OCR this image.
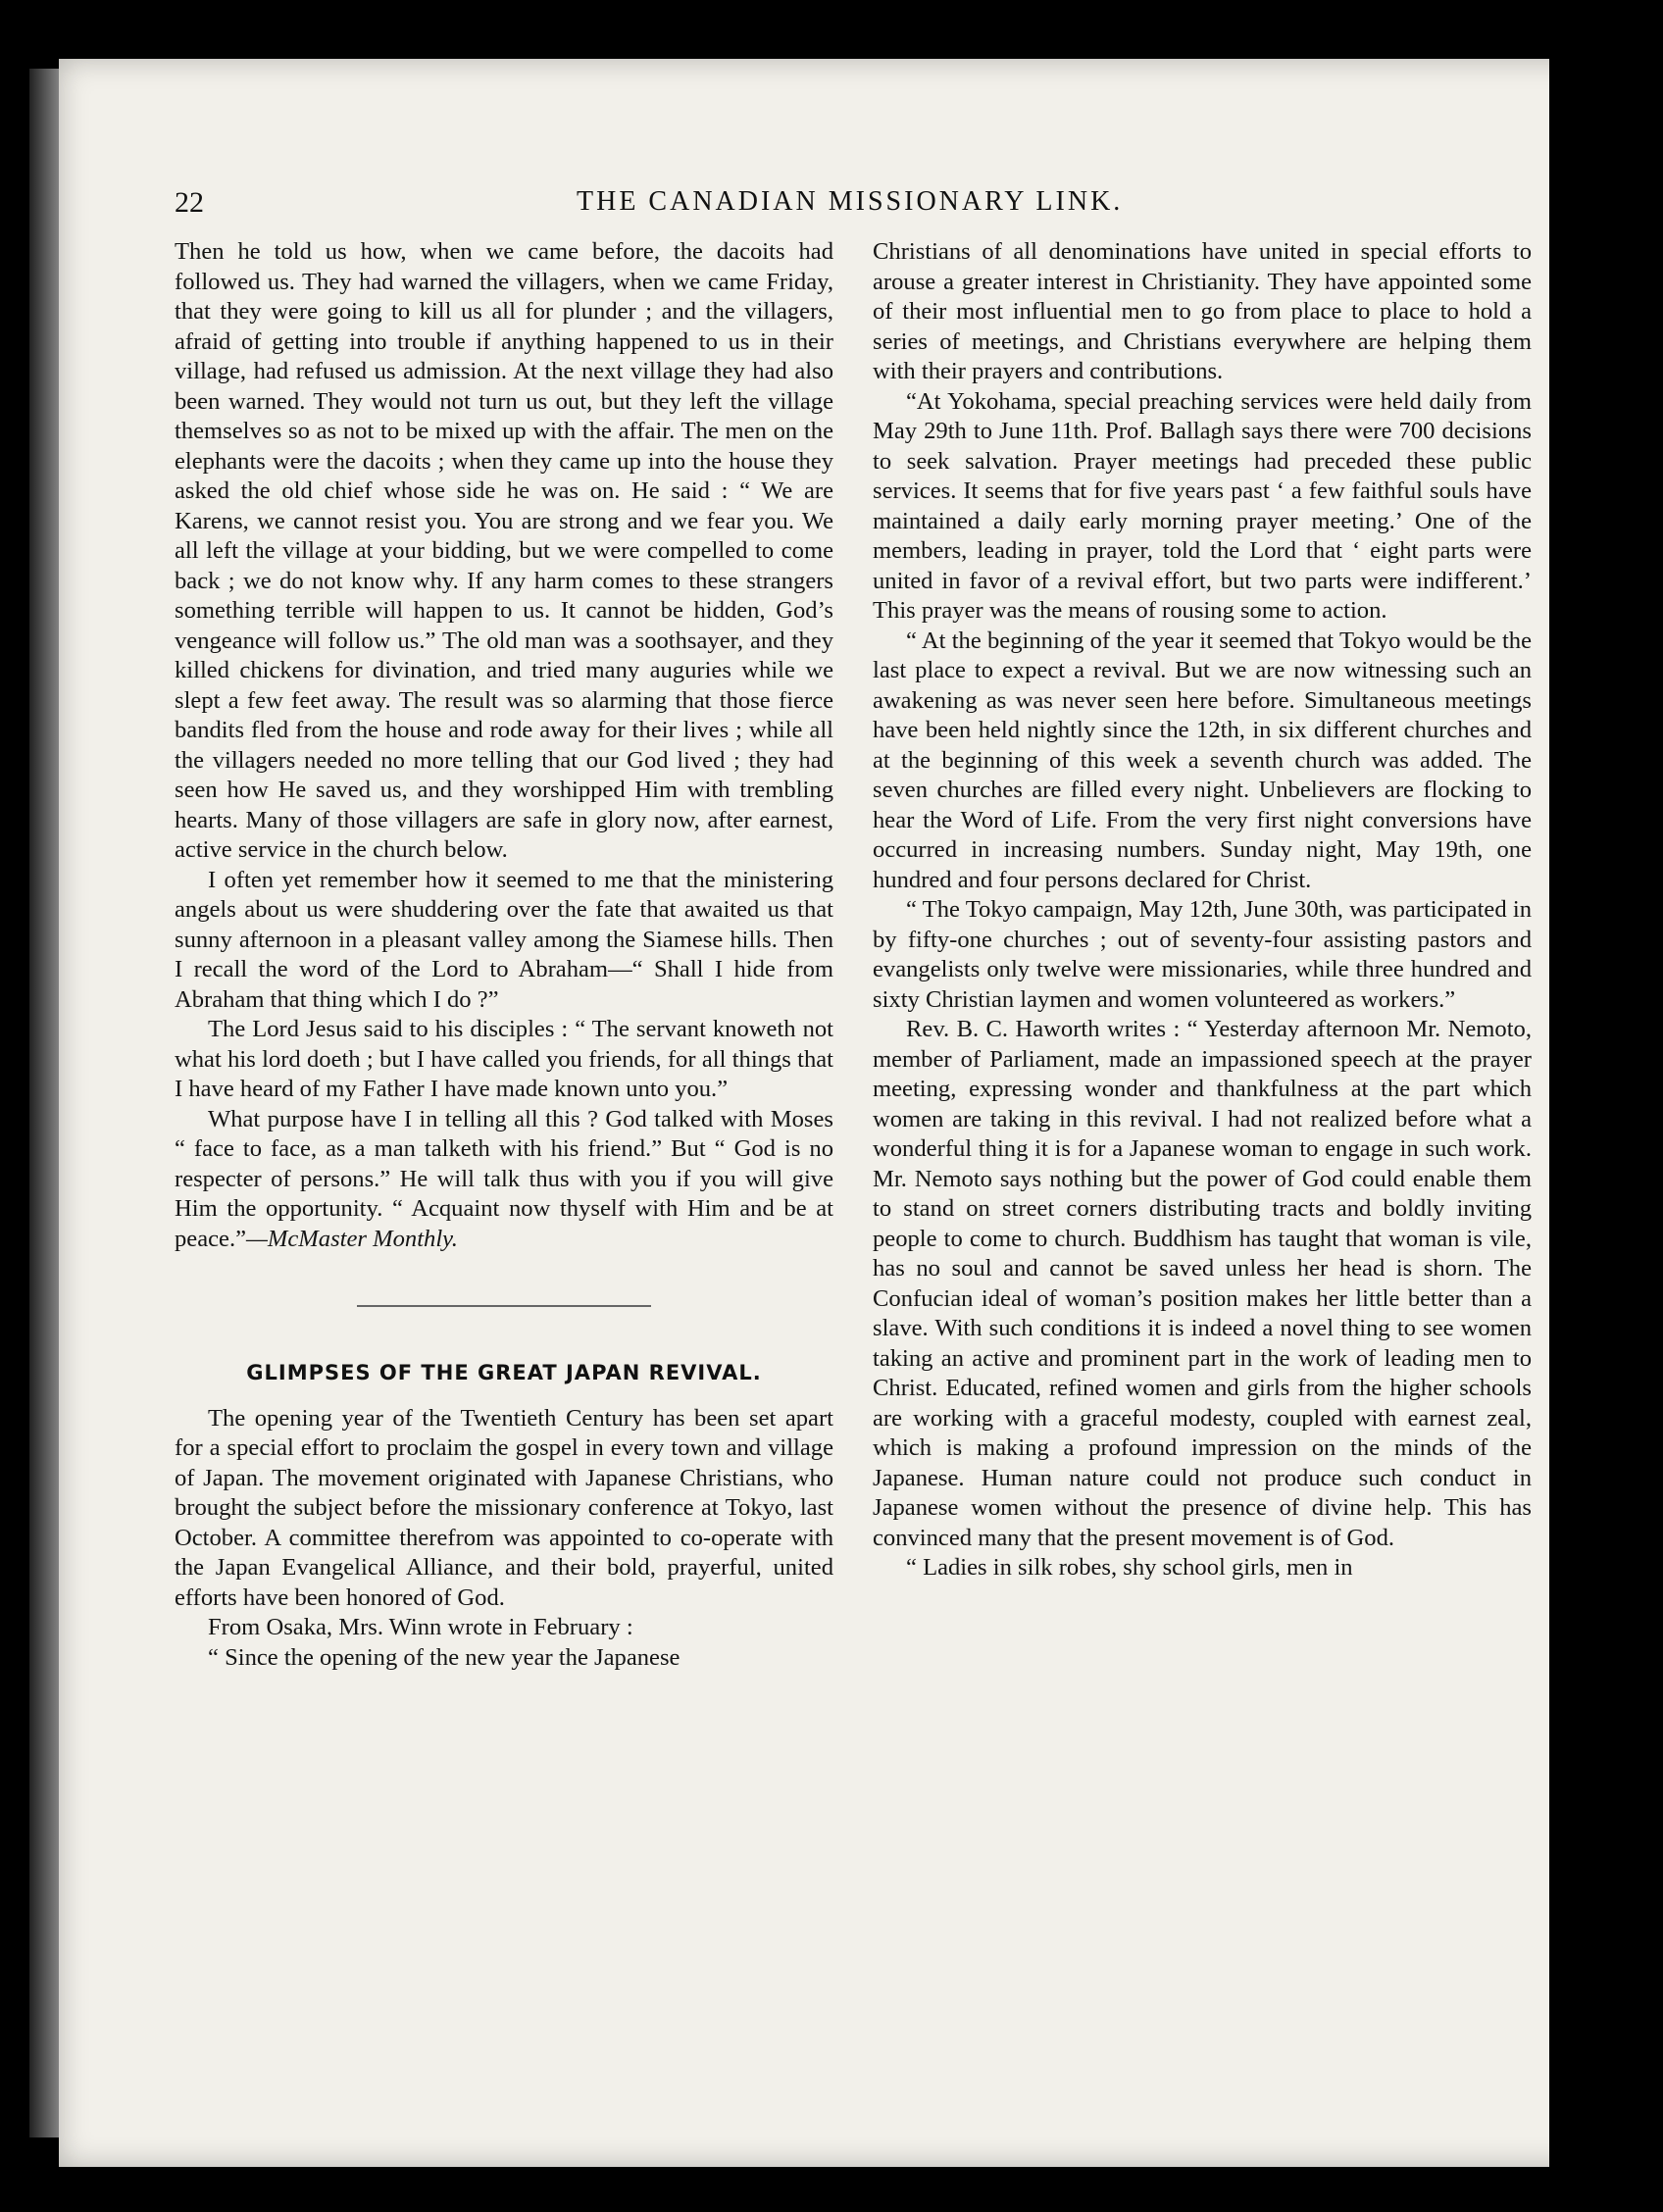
22	THE CANADIAN MISSIONARY LINK.

Then he told us how, when we came before, the dacoits had followed us. They had warned the villagers, when we came Friday, that they were going to kill us all for plunder ; and the villagers, afraid of getting into trouble if anything happened to us in their village, had refused us admission. At the next village they had also been warned. They would not turn us out, but they left the village themselves so as not to be mixed up with the affair. The men on the elephants were the dacoits ; when they came up into the house they asked the old chief whose side he was on. He said : “ We are Karens, we cannot resist you. You are strong and we fear you. We all left the village at your bidding, but we were compelled to come back ; we do not know why. If any harm comes to these strangers something terrible will happen to us. It cannot be hidden, God’s vengeance will follow us.” The old man was a soothsayer, and they killed chickens for divination, and tried many auguries while we slept a few feet away. The result was so alarming that those fierce bandits fled from the house and rode away for their lives ; while all the villagers needed no more telling that our God lived ; they had seen how He saved us, and they worshipped Him with trembling hearts. Many of those villagers are safe in glory now, after earnest, active service in the church below.

I often yet remember how it seemed to me that the ministering angels about us were shuddering over the fate that awaited us that sunny afternoon in a pleasant valley among the Siamese hills. Then I recall the word of the Lord to Abraham—“ Shall I hide from Abraham that thing which I do ?”

The Lord Jesus said to his disciples : “ The servant knoweth not what his lord doeth ; but I have called you friends, for all things that I have heard of my Father I have made known unto you.”

What purpose have I in telling all this ? God talked with Moses “ face to face, as a man talketh with his friend.” But “ God is no respecter of persons.” He will talk thus with you if you will give Him the opportunity. “ Acquaint now thyself with Him and be at peace.”—McMaster Monthly.

GLIMPSES OF THE GREAT JAPAN REVIVAL.

The opening year of the Twentieth Century has been set apart for a special effort to proclaim the gospel in every town and village of Japan. The movement originated with Japanese Christians, who brought the subject before the missionary conference at Tokyo, last October. A committee therefrom was appointed to co-operate with the Japan Evangelical Alliance, and their bold, prayerful, united efforts have been honored of God.

From Osaka, Mrs. Winn wrote in February :

“ Since the opening of the new year the Japanese

Christians of all denominations have united in special efforts to arouse a greater interest in Christianity. They have appointed some of their most influential men to go from place to place to hold a series of meetings, and Christians everywhere are helping them with their prayers and contributions.

“At Yokohama, special preaching services were held daily from May 29th to June 11th. Prof. Ballagh says there were 700 decisions to seek salvation. Prayer meetings had preceded these public services. It seems that for five years past ‘ a few faithful souls have maintained a daily early morning prayer meeting.’ One of the members, leading in prayer, told the Lord that ‘ eight parts were united in favor of a revival effort, but two parts were indifferent.’ This prayer was the means of rousing some to action.

“ At the beginning of the year it seemed that Tokyo would be the last place to expect a revival. But we are now witnessing such an awakening as was never seen here before. Simultaneous meetings have been held nightly since the 12th, in six different churches and at the beginning of this week a seventh church was added. The seven churches are filled every night. Unbelievers are flocking to hear the Word of Life. From the very first night conversions have occurred in increasing numbers. Sunday night, May 19th, one hundred and four persons declared for Christ.

“ The Tokyo campaign, May 12th, June 30th, was participated in by fifty-one churches ; out of seventy-four assisting pastors and evangelists only twelve were missionaries, while three hundred and sixty Christian laymen and women volunteered as workers.”

Rev. B. C. Haworth writes : “ Yesterday afternoon Mr. Nemoto, member of Parliament, made an impassioned speech at the prayer meeting, expressing wonder and thankfulness at the part which women are taking in this revival. I had not realized before what a wonderful thing it is for a Japanese woman to engage in such work. Mr. Nemoto says nothing but the power of God could enable them to stand on street corners distributing tracts and boldly inviting people to come to church. Buddhism has taught that woman is vile, has no soul and cannot be saved unless her head is shorn. The Confucian ideal of woman’s position makes her little better than a slave. With such conditions it is indeed a novel thing to see women taking an active and prominent part in the work of leading men to Christ. Educated, refined women and girls from the higher schools are working with a graceful modesty, coupled with earnest zeal, which is making a profound impression on the minds of the Japanese. Human nature could not produce such conduct in Japanese women without the presence of divine help. This has convinced many that the present movement is of God.

“ Ladies in silk robes, shy school girls, men in
